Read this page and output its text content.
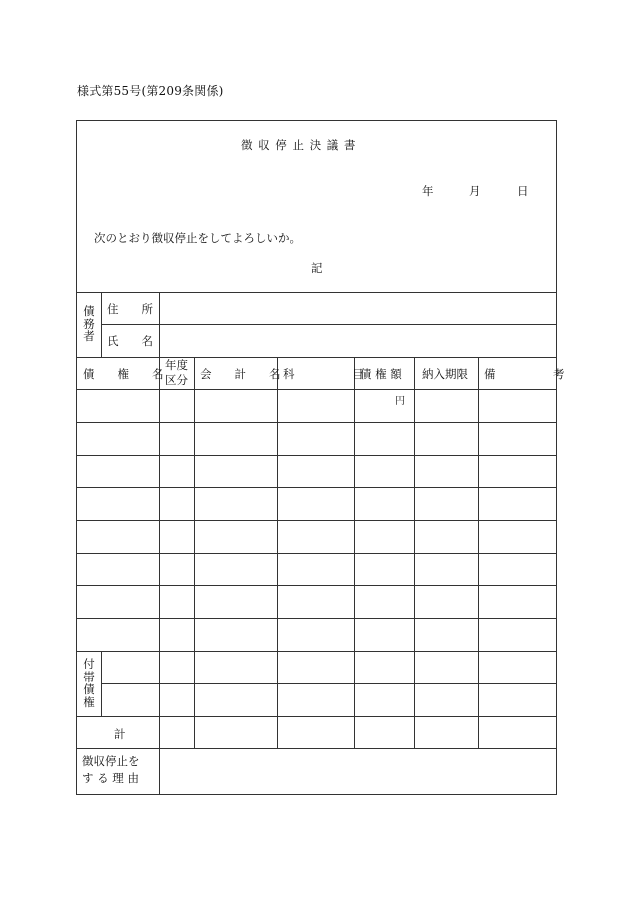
様式第55号(第209条関係)
徴 収 停 止 決 議 書
年	月	日
次のとおり徴収停止をしてよろしいか。
記
債
務
者
住　　所
氏　　名
債　　権　　名
年度
区分 会　　計　　名 科　　　　　目
債 権 額 納入期限 備　　　　　考
円
付
帯
債
権
計
徴収停止を
す る 理 由
